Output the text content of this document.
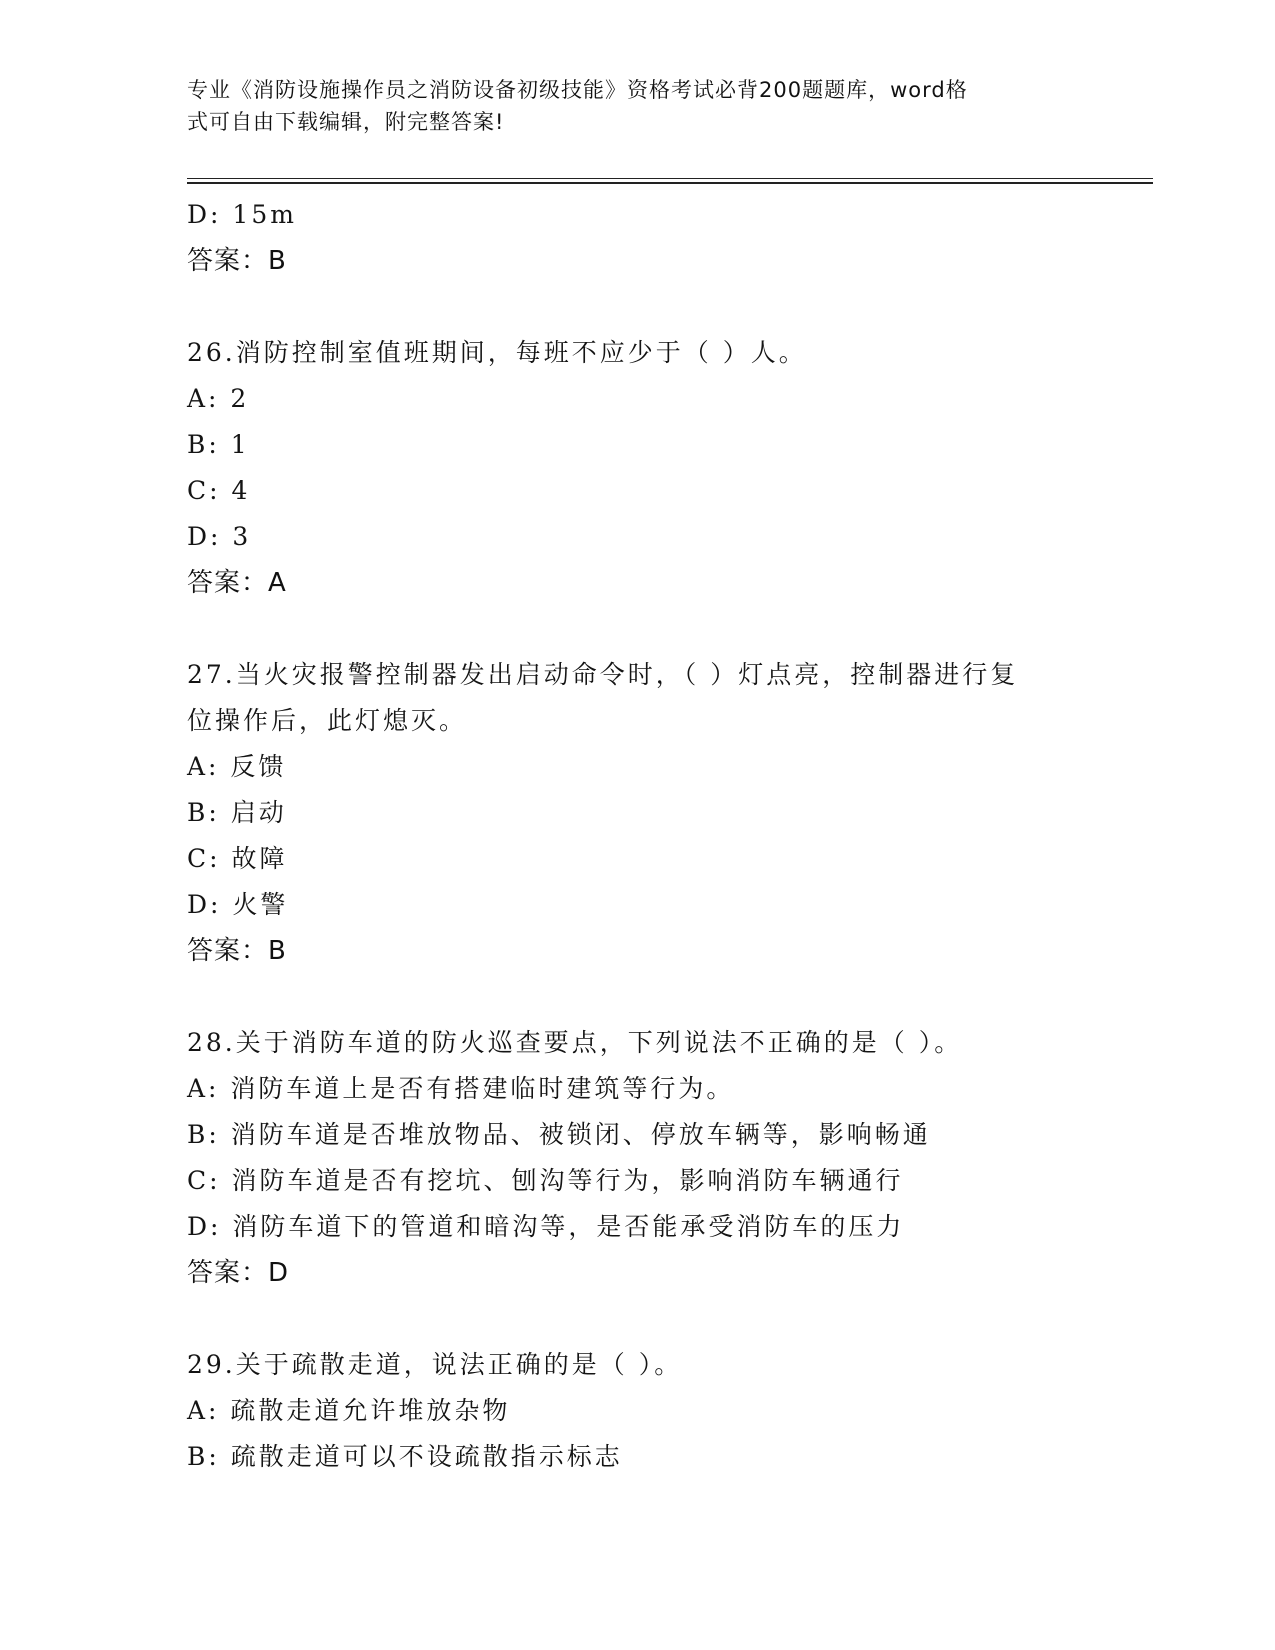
专业《消防设施操作员之消防设备初级技能》资格考试必背200题题库，word格
式可自由下载编辑，附完整答案!
D: 15m
答案：B
26.消防控制室值班期间，每班不应少于（ ）人。
A: 2
B: 1
C: 4
D: 3
答案：A
27.当火灾报警控制器发出启动命令时，（ ）灯点亮，控制器进行复
位操作后，此灯熄灭。
A: 反馈
B: 启动
C: 故障
D: 火警
答案：B
28.关于消防车道的防火巡查要点，下列说法不正确的是（ ）。
A: 消防车道上是否有搭建临时建筑等行为。
B: 消防车道是否堆放物品、被锁闭、停放车辆等，影响畅通
C: 消防车道是否有挖坑、刨沟等行为，影响消防车辆通行
D: 消防车道下的管道和暗沟等，是否能承受消防车的压力
答案：D
29.关于疏散走道，说法正确的是（ ）。
A: 疏散走道允许堆放杂物
B: 疏散走道可以不设疏散指示标志
